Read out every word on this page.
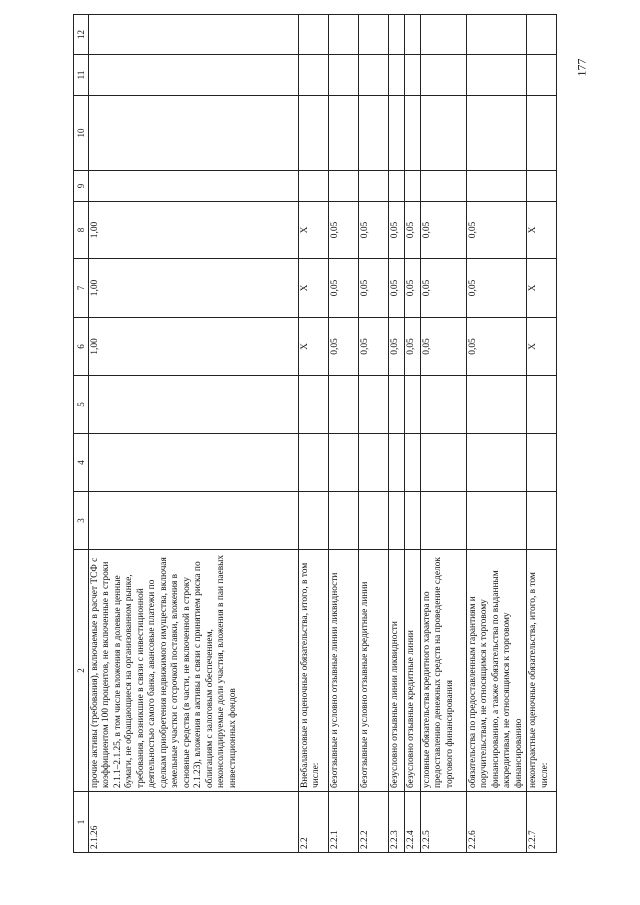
177
1	2	3	4	5	6	7	8	9	10	11	12
2.1.26	прочие активы (требования), включаемые в расчет ТСФ с коэффициентом 100 процентов, не включенные в строки 2.1.1–2.1.25, в том числе вложения в долевые ценные бумаги, не обращающиеся на организованном рынке, требования, возникшие в связи с инвестиционной деятельностью самого банка, авансовые платежи по сделкам приобретения недвижимого имущества, включая земельные участки с отсрочкой поставки, вложения в основные средства (в части, не включенной в строку 2.1.23), вложения в активы в связи с принятием риска по облигациям с залоговым обеспечением, неконсолидируемые доли участия, вложения в паи паевых инвестиционных фондов				1,00	1,00	1,00				
2.2	Внебалансовые и оценочные обязательства, итого, в том числе:				X	X	X				
2.2.1	безотзывные и условно отзывные линии ликвидности				0,05	0,05	0,05				
2.2.2	безотзывные и условно отзывные кредитные линии				0,05	0,05	0,05				
2.2.3	безусловно отзывные линии ликвидности				0,05	0,05	0,05				
2.2.4	безусловно отзывные кредитные линии				0,05	0,05	0,05				
2.2.5	условные обязательства кредитного характера по предоставлению денежных средств на проведение сделок торгового финансирования				0,05	0,05	0,05				
2.2.6	обязательства по предоставленным гарантиям и поручительствам, не относящимся к торговому финансированию, а также обязательства по выданным аккредитивам, не относящимся к торговому финансированию				0,05	0,05	0,05				
2.2.7	неконтрактные оценочные обязательства, итого, в том числе:				X	X	X				
